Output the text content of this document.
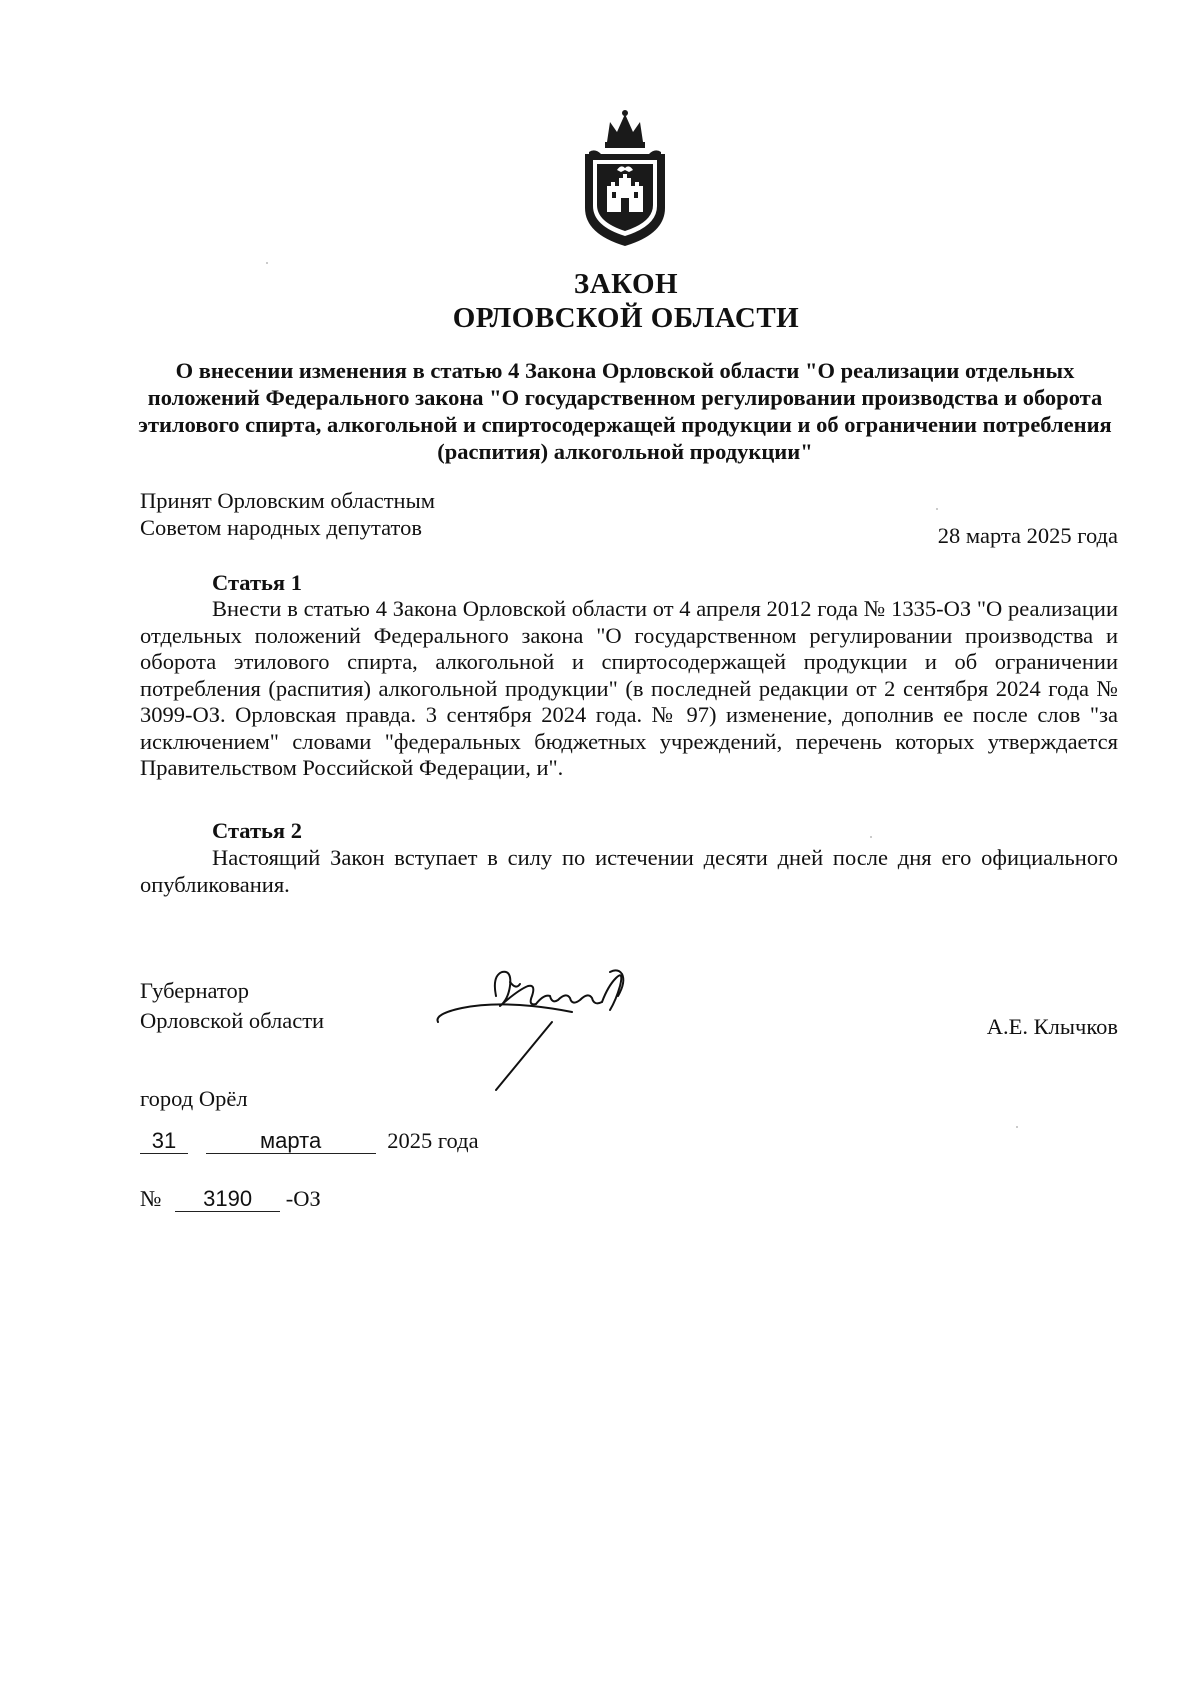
ЗАКОН
ОРЛОВСКОЙ ОБЛАСТИ
О внесении изменения в статью 4 Закона Орловской области "О реализации отдельных положений Федерального закона "О государственном регулировании производства и оборота этилового спирта, алкогольной и спиртосодержащей продукции и об ограничении потребления (распития) алкогольной продукции"
Принят Орловским областным
Советом народных депутатов	28 марта 2025 года
Статья 1
Внести в статью 4 Закона Орловской области от 4 апреля 2012 года № 1335-ОЗ "О реализации отдельных положений Федерального закона "О государственном регулировании производства и оборота этилового спирта, алкогольной и спиртосодержащей продукции и об ограничении потребления (распития) алкогольной продукции" (в последней редакции от 2 сентября 2024 года № 3099-ОЗ. Орловская правда. 3 сентября 2024 года. № 97) изменение, дополнив ее после слов "за исключением" словами "федеральных бюджетных учреждений, перечень которых утверждается Правительством Российской Федерации, и".
Статья 2
Настоящий Закон вступает в силу по истечении десяти дней после дня его официального опубликования.
Губернатор
Орловской области	А.Е. Клычков
город Орёл
31	марта	2025 года
№ 3190 -ОЗ
